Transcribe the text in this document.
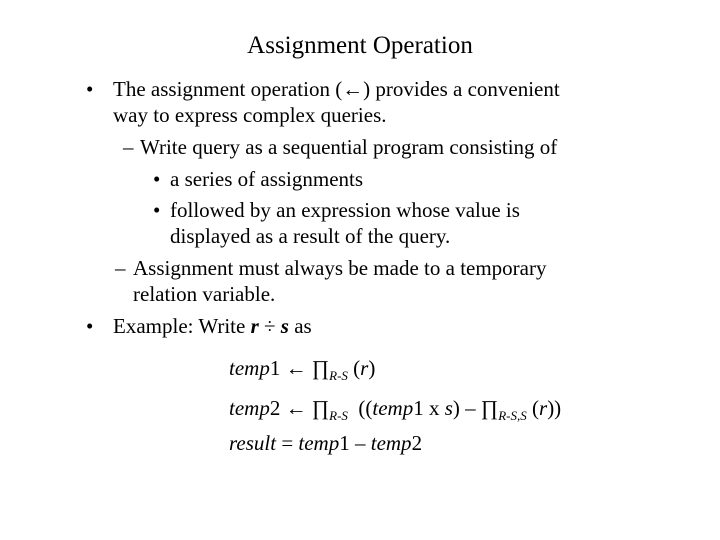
Assignment Operation
• The assignment operation (←) provides a convenient
way to express complex queries.
– Write query as a sequential program consisting of
• a series of assignments
• followed by an expression whose value is
displayed as a result of the query.
– Assignment must always be made to a temporary
relation variable.
• Example: Write r ÷ s as
temp1 ← $\prod_{R-S}$ (r)
temp2 ← $\prod_{R-S}$  ((temp1 x $s) - \prod_{R-S,S}$ (r))
result = temp1 – temp2
